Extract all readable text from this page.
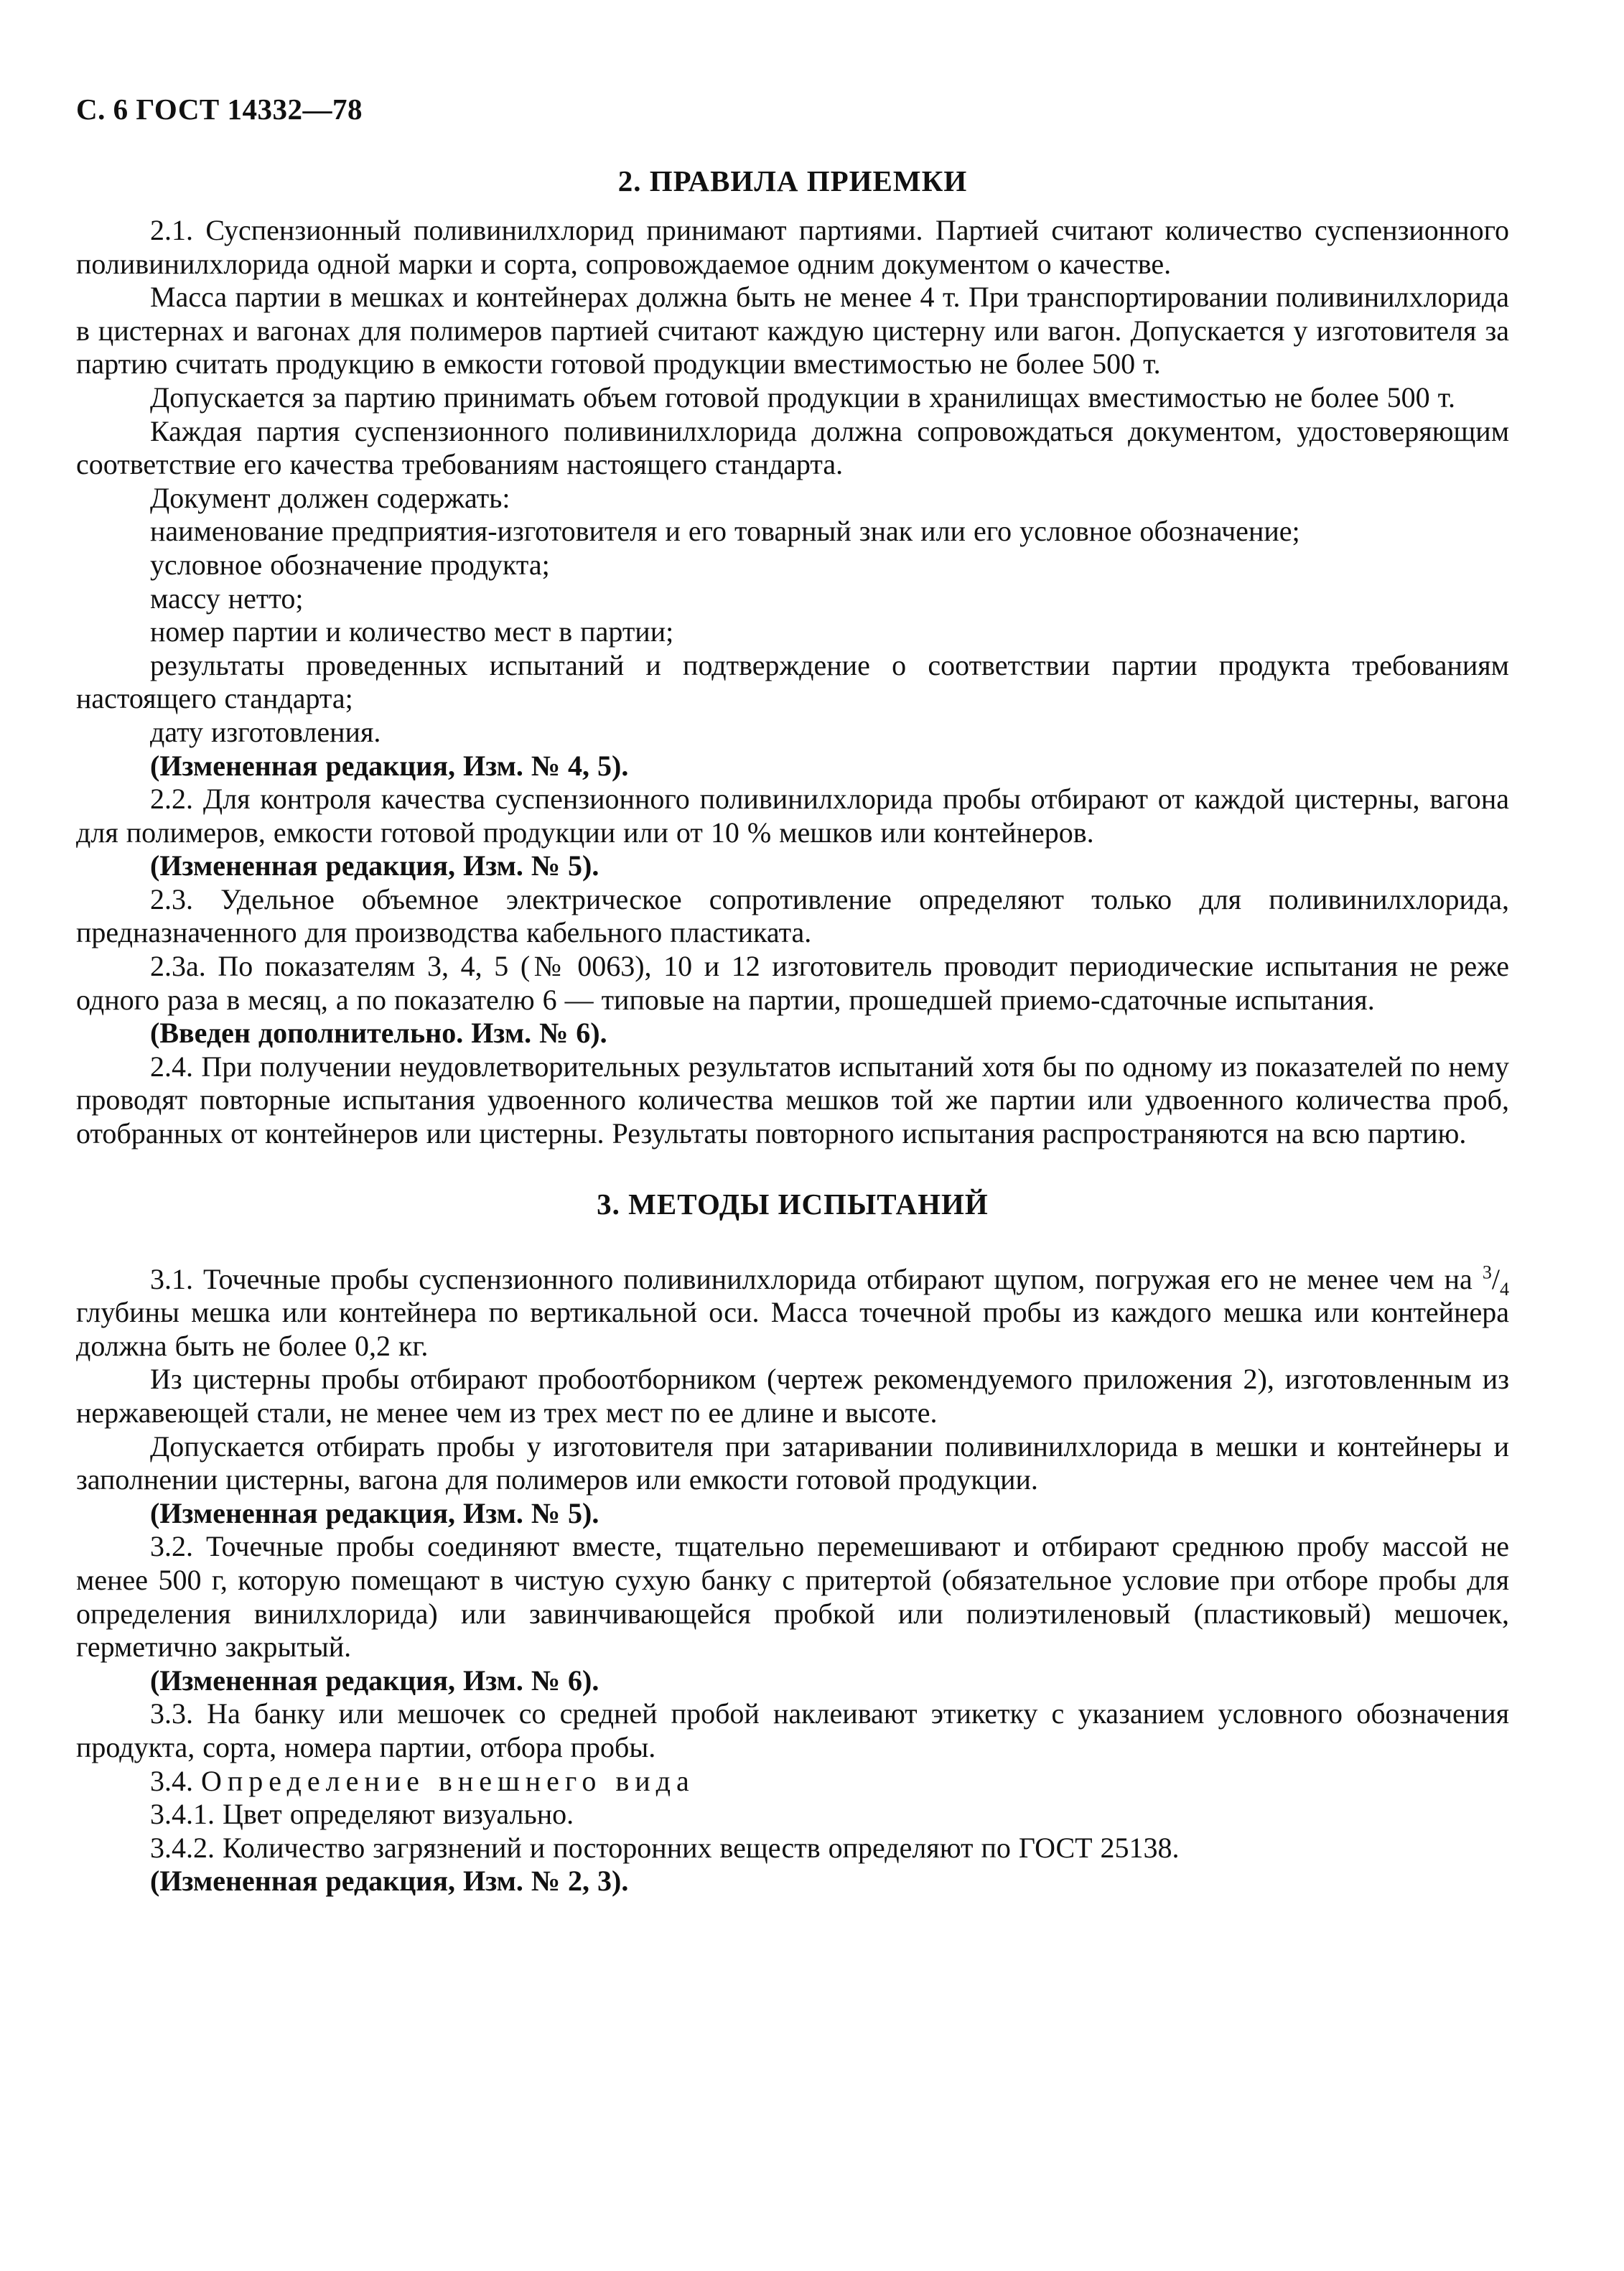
С. 6 ГОСТ 14332—78
2. ПРАВИЛА ПРИЕМКИ

2.1. Суспензионный поливинилхлорид принимают партиями. Партией считают количество суспензионного поливинилхлорида одной марки и сорта, сопровождаемое одним документом о качестве.

Масса партии в мешках и контейнерах должна быть не менее 4 т. При транспортировании поливинилхлорида в цистернах и вагонах для полимеров партией считают каждую цистерну или вагон. Допускается у изготовителя за партию считать продукцию в емкости готовой продукции вместимостью не более 500 т.

Допускается за партию принимать объем готовой продукции в хранилищах вместимостью не более 500 т.

Каждая партия суспензионного поливинилхлорида должна сопровождаться документом, удостоверяющим соответствие его качества требованиям настоящего стандарта.

Документ должен содержать:

наименование предприятия-изготовителя и его товарный знак или его условное обозначение;

условное обозначение продукта;

массу нетто;

номер партии и количество мест в партии;

результаты проведенных испытаний и подтверждение о соответствии партии продукта требованиям настоящего стандарта;

дату изготовления.

(Измененная редакция, Изм. № 4, 5).

2.2. Для контроля качества суспензионного поливинилхлорида пробы отбирают от каждой цистерны, вагона для полимеров, емкости готовой продукции или от 10 % мешков или контейнеров.

(Измененная редакция, Изм. № 5).

2.3. Удельное объемное электрическое сопротивление определяют только для поливинилхлорида, предназначенного для производства кабельного пластиката.

2.3а. По показателям 3, 4, 5 (№ 0063), 10 и 12 изготовитель проводит периодические испытания не реже одного раза в месяц, а по показателю 6 — типовые на партии, прошедшей приемо-сдаточные испытания.

(Введен дополнительно. Изм. № 6).

2.4. При получении неудовлетворительных результатов испытаний хотя бы по одному из показателей по нему проводят повторные испытания удвоенного количества мешков той же партии или удвоенного количества проб, отобранных от контейнеров или цистерны. Результаты повторного испытания распространяются на всю партию.

3. МЕТОДЫ ИСПЫТАНИЙ

3.1. Точечные пробы суспензионного поливинилхлорида отбирают щупом, погружая его не менее чем на $^3/_4$ глубины мешка или контейнера по вертикальной оси. Масса точечной пробы из каждого мешка или контейнера должна быть не более 0,2 кг.

Из цистерны пробы отбирают пробоотборником (чертеж рекомендуемого приложения 2), изготовленным из нержавеющей стали, не менее чем из трех мест по ее длине и высоте.

Допускается отбирать пробы у изготовителя при затаривании поливинилхлорида в мешки и контейнеры и заполнении цистерны, вагона для полимеров или емкости готовой продукции.

(Измененная редакция, Изм. № 5).

3.2. Точечные пробы соединяют вместе, тщательно перемешивают и отбирают среднюю пробу массой не менее 500 г, которую помещают в чистую сухую банку с притертой (обязательное условие при отборе пробы для определения винилхлорида) или завинчивающейся пробкой или полиэтиленовый (пластиковый) мешочек, герметично закрытый.

(Измененная редакция, Изм. № 6).

3.3. На банку или мешочек со средней пробой наклеивают этикетку с указанием условного обозначения продукта, сорта, номера партии, отбора пробы.

3.4. Определение внешнего вида

3.4.1. Цвет определяют визуально.

3.4.2. Количество загрязнений и посторонних веществ определяют по ГОСТ 25138.

(Измененная редакция, Изм. № 2, 3).
